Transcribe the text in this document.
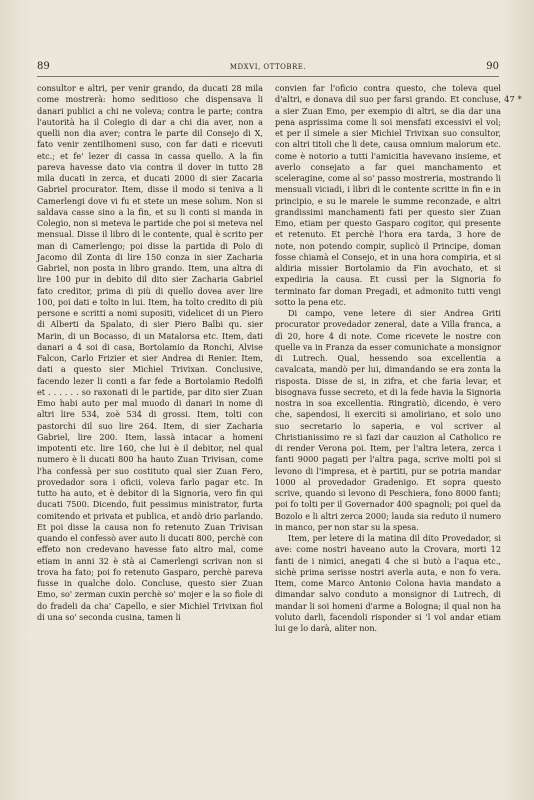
89	MDXVI, OTTOBRE.	90
47 *

consultor e altri, per venir grando, da ducati 28 mila come mostrerà: homo seditioso che dispensava li danari publici a chi ne voleva; contra le parte; contra l'autorità ha il Colegio di dar a chi dia aver, non a quelli non dia aver; contra le parte dil Consejo di X, fato venir zentilhomeni suso, con far dati e ricevuti etc.; et fe' lezer di cassa in cassa quello. A la fin pareva havesse dato via contra il dover in tutto 28 mila ducati in zerca, et ducati 2000 di sier Zacaria Gabriel procurator. Item, disse il modo si teniva a li Camerlengi dove vi fu et stete un mese solum. Non si saldava casse sino a la fin, et su li conti si manda in Colegio, non si meteva le partide che poi si meteva nel mensual. Disse il libro di le contente, qual è scrito per man di Camerlengo; poi disse la partida di Polo di Jacomo dil Zonta di lire 150 conza in sier Zacharia Gabriel, non posta in libro grando. Item, una altra di lire 100 pur in debito dil dito sier Zacharia Gabriel fato creditor, prima di più di quello dovea aver lire 100, poi dati e tolto in lui. Item, ha tolto credito di più persone e scritti a nomi supositi, videlicet di un Piero di Alberti da Spalato, di sier Piero Balbi qu. sier Marin, di un Bocasso, di un Matalorsa etc. Item, dati danari a 4 soi di casa, Bortolamio da Ronchi, Alvise Falcon, Carlo Frizier et sier Andrea di Renier. Item, dati a questo sier Michiel Trivixan. Conclusive, facendo lezer li conti a far fede a Bortolamio Redolfi et . . . . . . so raxonati di le partide, par dito sier Zuan Emo habi auto per mal muodo di danari in nome di altri lire 534, zoè 534 di grossi. Item, tolti con pastorchi dil suo lire 264. Item, di sier Zacharia Gabriel, lire 200. Item, lassà intacar a homeni impotenti etc. lire 160, che lui è il debitor, nel qual numero è li ducati 800 ha hauto Zuan Trivisan, come l'ha confessà per suo costituto qual sier Zuan Fero, provedador sora i oficii, voleva farlo pagar etc. In tutto ha auto, et è debitor di la Signoria, vero fin qui ducati 7500. Dicendo, fuit pessimus ministrator, furta comitendo et privata et publica, et andò drio parlando. Et poi disse la causa non fo retenuto Zuan Trivisan quando el confessò aver auto li ducati 800, perchè con effeto non credevano havesse fato altro mal, come etiam in anni 32 è stà ai Camerlengi scrivan non si trova ha fato; poi fo retenuto Gasparo, perchè pareva fusse in qualche dolo. Concluse, questo sier Zuan Emo, so' zerman cuxin perchè so' mojer e la so fiole di do fradeli da cha' Capello, e sier Michiel Trivixan fiol di una so' seconda cusina, tamen li

convien far l'oficio contra questo, che toleva quel d'altri, e donava dil suo per farsi grando. Et concluse, a sier Zuan Emo, per exempio di altri, se dia dar una pena asprissima come li soi mensfati excessivi el vol; et per il simele a sier Michiel Trivixan suo consultor, con altri titoli che li dete, causa omnium malorum etc. come è notorio a tutti l'amicitia havevano insieme, et averlo consejato a far quei manchamento et sceleragine, come al so' passo mostreria, mostrando li mensuali viciadi, i libri di le contente scritte in fin e in principio, e su le marele le summe reconzade, e altri grandissimi manchamenti fati per questo sier Zuan Emo, etiam per questo Gasparo cogitor, qui presente et retenuto. Et perchè l'hora era tarda, 3 hore de note, non potendo compir, suplicò il Principe, doman fosse chiamà el Consejo, et in una hora compiria, et si aldiria missier Bortolamio da Fin avochato, et si expediria la causa. Et cussì per la Signoria fo terminato far doman Pregadi, et admonito tutti vengi sotto la pena etc.

Di campo, vene letere di sier Andrea Griti procurator provedador zeneral, date a Villa franca, a dì 20, hore 4 di note. Come ricevete le nostre con quelle va in Franza da esser comunichate a monsignor di Lutrech. Qual, hessendo soa excellentia a cavalcata, mandò per lui, dimandando se era zonta la risposta. Disse de si, in zifra, et che faria levar, et bisognava fusse secreto, et di la fede havia la Signoria nostra in soa excellentia. Ringratiò, dicendo, è vero che, sapendosi, li exerciti si amoliriano, et solo uno suo secretario lo saperia, e vol scriver al Christianissimo re si fazi dar cauzion al Catholico re di render Verona poi. Item, per l'altra letera, zerca i fanti 9000 pagati per l'altra paga, scrive molti poi si levono di l'impresa, et è partiti, pur se potria mandar 1000 al provedador Gradenigo. Et sopra questo scrive, quando si levono di Peschiera, fono 8000 fanti; poi fo tolti per il Governador 400 spagnoli; poi quel da Bozolo e li altri zerca 2000; lauda sia reduto il numero in manco, per non star su la spesa.

Item, per letere di la matina dil dito Provedador, si ave: come nostri haveano auto la Crovara, morti 12 fanti de i nimici, anegati 4 che si butò a l'aqua etc., sichè prima serisse nostri averla auta, e non fo vera. Item, come Marco Antonio Colona havia mandato a dimandar salvo conduto a monsignor di Lutrech, di mandar li soi homeni d'arme a Bologna; il qual non ha voluto darli, facendoli risponder si 'l vol andar etiam lui ge lo darà, aliter non.
